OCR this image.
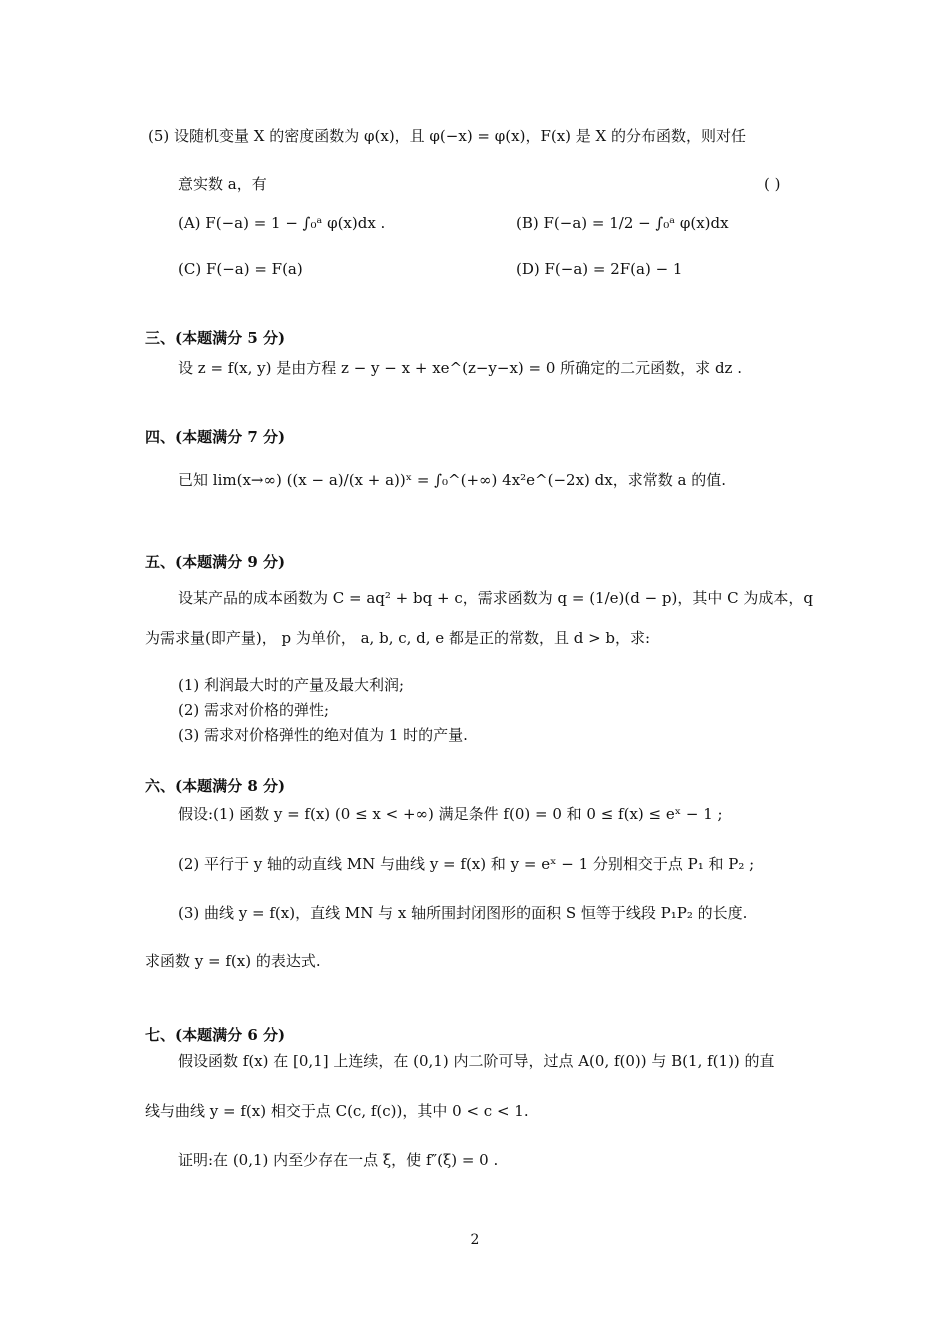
(5) 设随机变量 X 的密度函数为 φ(x)，且 φ(−x) = φ(x)，F(x) 是 X 的分布函数，则对任
意实数 a，有	( )
(A) F(−a) = 1 − ∫₀ᵃ φ(x)dx .	(B) F(−a) = 1/2 − ∫₀ᵃ φ(x)dx
(C) F(−a) = F(a)	(D) F(−a) = 2F(a) − 1
三、(本题满分 5 分)
设 z = f(x, y) 是由方程 z − y − x + xe^(z−y−x) = 0 所确定的二元函数，求 dz .
四、(本题满分 7 分)
已知 lim(x→∞) ((x − a)/(x + a))ˣ = ∫₀^(+∞) 4x²e^(−2x) dx，求常数 a 的值.
五、(本题满分 9 分)
设某产品的成本函数为 C = aq² + bq + c，需求函数为 q = (1/e)(d − p)，其中 C 为成本，q
为需求量(即产量)， p 为单价， a, b, c, d, e 都是正的常数，且 d > b，求:
(1) 利润最大时的产量及最大利润;
(2) 需求对价格的弹性;
(3) 需求对价格弹性的绝对值为 1 时的产量.
六、(本题满分 8 分)
假设:(1) 函数 y = f(x) (0 ≤ x < +∞) 满足条件 f(0) = 0 和 0 ≤ f(x) ≤ eˣ − 1 ;
(2) 平行于 y 轴的动直线 MN 与曲线 y = f(x) 和 y = eˣ − 1 分别相交于点 P₁ 和 P₂ ;
(3) 曲线 y = f(x)，直线 MN 与 x 轴所围封闭图形的面积 S 恒等于线段 P₁P₂ 的长度.
求函数 y = f(x) 的表达式.
七、(本题满分 6 分)
假设函数 f(x) 在 [0,1] 上连续，在 (0,1) 内二阶可导，过点 A(0, f(0)) 与 B(1, f(1)) 的直
线与曲线 y = f(x) 相交于点 C(c, f(c))，其中 0 < c < 1.
证明:在 (0,1) 内至少存在一点 ξ，使 f″(ξ) = 0 .
2
